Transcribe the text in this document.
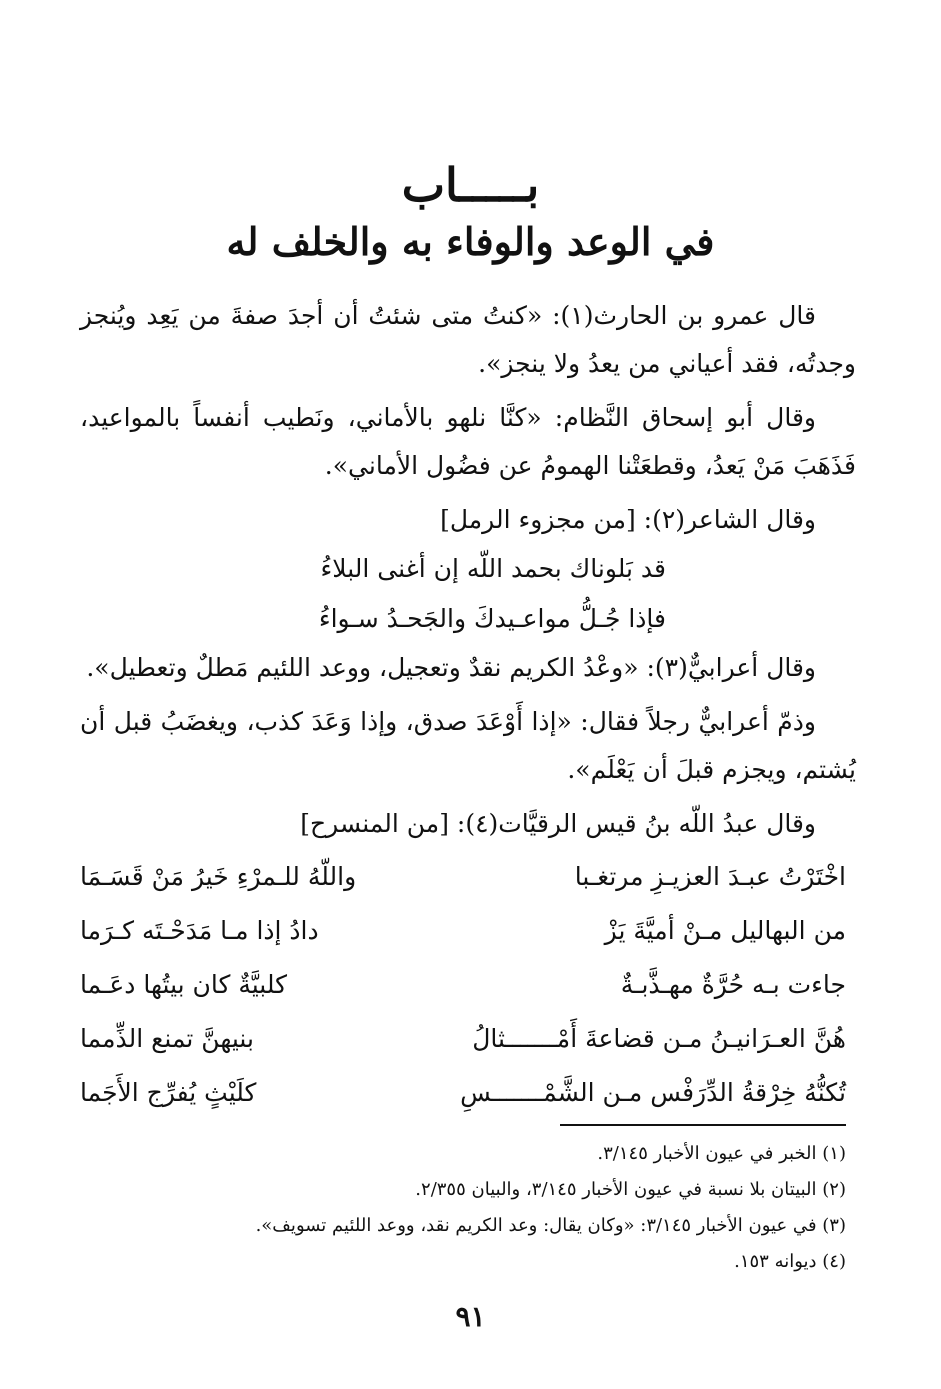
بـــــاب
في الوعد والوفاء به والخلف له

قال عمرو بن الحارث(١): «كنتُ متى شئتُ أن أجدَ صفةَ من يَعِد ويُنجز وجدتُه، فقد أعياني من يعدُ ولا ينجز».

وقال أبو إسحاق النَّظام: «كنَّا نلهو بالأماني، ونَطيب أنفساً بالمواعيد، فَذَهَبَ مَنْ يَعدُ، وقطعَتْنا الهمومُ عن فضُول الأماني».

وقال الشاعر(٢): [من مجزوء الرمل]

قد بَلوناك بحمد اللّه إن أغنى البلاءُ
فإذا جُـلُّ مواعـيدكَ والجَحـدُ سـواءُ

وقال أعرابيٌّ(٣): «وعْدُ الكريم نقدٌ وتعجيل، ووعد اللئيم مَطلٌ وتعطيل».

وذمّ أعرابيٌّ رجلاً فقال: «إذا أَوْعَدَ صدق، وإذا وَعَدَ كذب، ويغضَبُ قبل أن يُشتم، ويجزم قبلَ أن يَعْلَم».

وقال عبدُ اللّه بنُ قيس الرقيَّات(٤): [من المنسرح]

اخْتَرْتُ عبـدَ العزيـزِ مرتغـبا
واللّهُ للـمرْءِ خَيرُ مَنْ قَسَـمَا
من البهاليل مـنْ أميَّةَ يَزْ
دادُ إذا مـا مَدَحْـتَه كـرَما
جاءت بـه حُرَّةٌ مهـذَّبـةٌ
كلبيَّةٌ كان بيتُها دعَـما
هُنَّ العـرَانيـنُ مـن قضاعةَ أَمْـــــــثالُ
بنيهنَّ تمنع الذِّمما
تُكنُّهُ خِرْقةُ الدِّرَفْس مـن الشَّمْـــــــسِ
كلَيْثٍ يُفرِّج الأَجَما

(١) الخبر في عيون الأخبار ٣/١٤٥.

(٢) البيتان بلا نسبة في عيون الأخبار ٣/١٤٥، والبيان ٢/٣٥٥.

(٣) في عيون الأخبار ٣/١٤٥: «وكان يقال: وعد الكريم نقد، ووعد اللئيم تسويف».

(٤) ديوانه ١٥٣.

٩١
